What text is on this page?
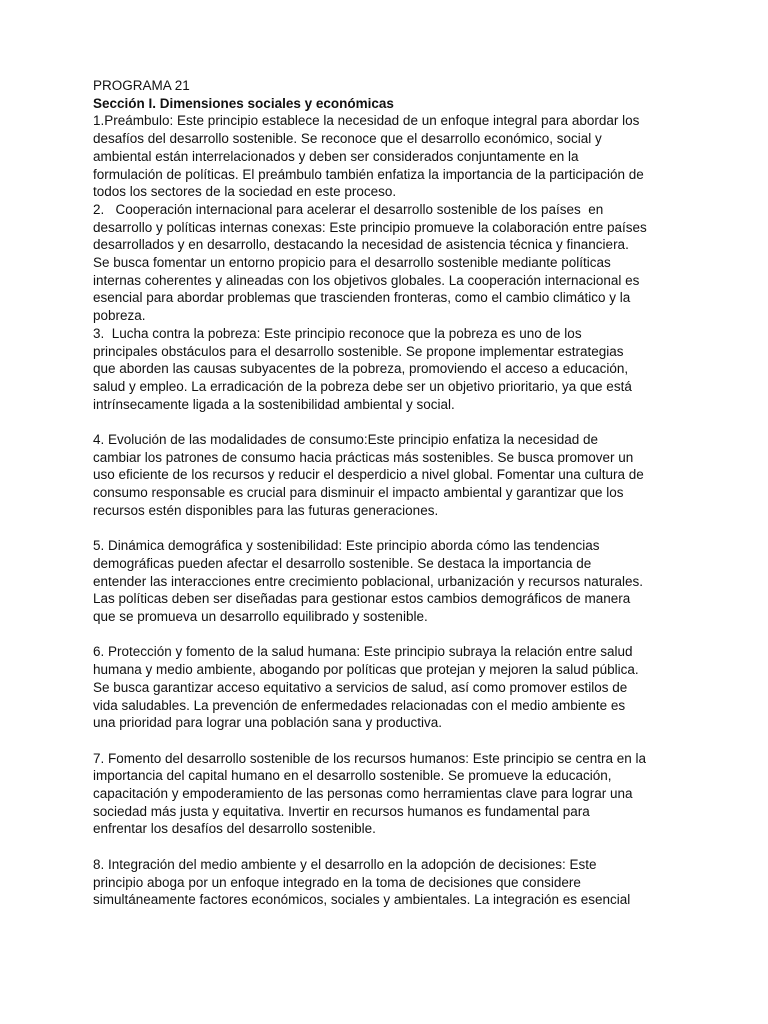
PROGRAMA 21
Sección I. Dimensiones sociales y económicas
1.Preámbulo: Este principio establece la necesidad de un enfoque integral para abordar los
desafíos del desarrollo sostenible. Se reconoce que el desarrollo económico, social y
ambiental están interrelacionados y deben ser considerados conjuntamente en la
formulación de políticas. El preámbulo también enfatiza la importancia de la participación de
todos los sectores de la sociedad en este proceso.
2.   Cooperación internacional para acelerar el desarrollo sostenible de los países  en
desarrollo y políticas internas conexas: Este principio promueve la colaboración entre países
desarrollados y en desarrollo, destacando la necesidad de asistencia técnica y financiera.
Se busca fomentar un entorno propicio para el desarrollo sostenible mediante políticas
internas coherentes y alineadas con los objetivos globales. La cooperación internacional es
esencial para abordar problemas que trascienden fronteras, como el cambio climático y la
pobreza.
3.  Lucha contra la pobreza: Este principio reconoce que la pobreza es uno de los
principales obstáculos para el desarrollo sostenible. Se propone implementar estrategias
que aborden las causas subyacentes de la pobreza, promoviendo el acceso a educación,
salud y empleo. La erradicación de la pobreza debe ser un objetivo prioritario, ya que está
intrínsecamente ligada a la sostenibilidad ambiental y social.
4. Evolución de las modalidades de consumo:Este principio enfatiza la necesidad de
cambiar los patrones de consumo hacia prácticas más sostenibles. Se busca promover un
uso eficiente de los recursos y reducir el desperdicio a nivel global. Fomentar una cultura de
consumo responsable es crucial para disminuir el impacto ambiental y garantizar que los
recursos estén disponibles para las futuras generaciones.
5. Dinámica demográfica y sostenibilidad: Este principio aborda cómo las tendencias
demográficas pueden afectar el desarrollo sostenible. Se destaca la importancia de
entender las interacciones entre crecimiento poblacional, urbanización y recursos naturales.
Las políticas deben ser diseñadas para gestionar estos cambios demográficos de manera
que se promueva un desarrollo equilibrado y sostenible.
6. Protección y fomento de la salud humana: Este principio subraya la relación entre salud
humana y medio ambiente, abogando por políticas que protejan y mejoren la salud pública.
Se busca garantizar acceso equitativo a servicios de salud, así como promover estilos de
vida saludables. La prevención de enfermedades relacionadas con el medio ambiente es
una prioridad para lograr una población sana y productiva.
7. Fomento del desarrollo sostenible de los recursos humanos: Este principio se centra en la
importancia del capital humano en el desarrollo sostenible. Se promueve la educación,
capacitación y empoderamiento de las personas como herramientas clave para lograr una
sociedad más justa y equitativa. Invertir en recursos humanos es fundamental para
enfrentar los desafíos del desarrollo sostenible.
8. Integración del medio ambiente y el desarrollo en la adopción de decisiones: Este
principio aboga por un enfoque integrado en la toma de decisiones que considere
simultáneamente factores económicos, sociales y ambientales. La integración es esencial
